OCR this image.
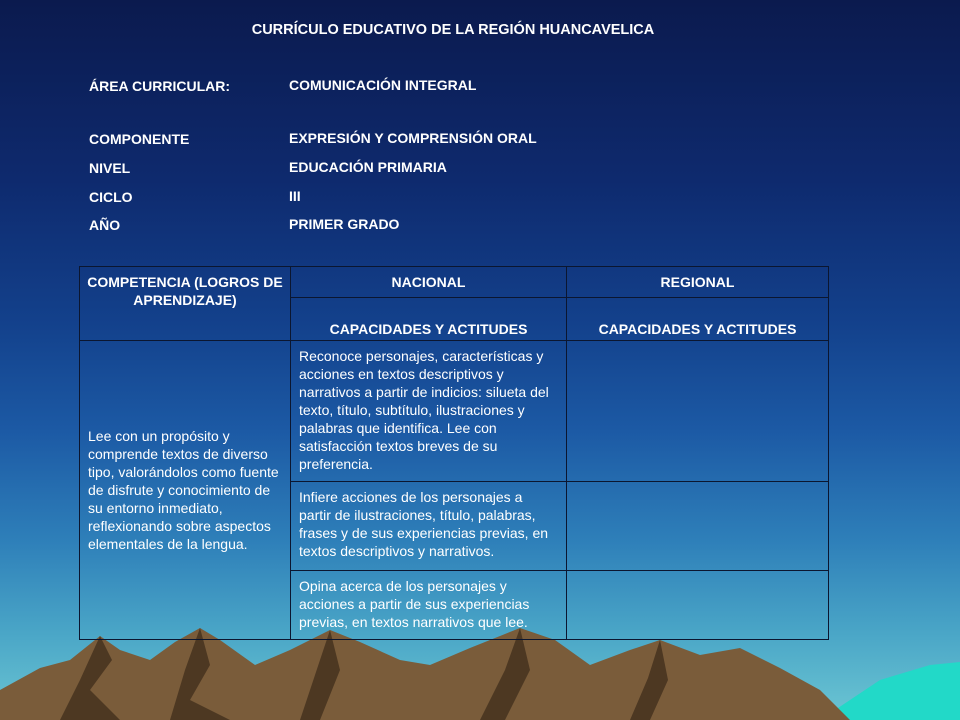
CURRÍCULO EDUCATIVO DE LA REGIÓN HUANCAVELICA
ÁREA CURRICULAR:	COMUNICACIÓN INTEGRAL
COMPONENTE	EXPRESIÓN Y COMPRENSIÓN ORAL
NIVEL	EDUCACIÓN PRIMARIA
CICLO	III
AÑO	PRIMER GRADO
COMPETENCIA (LOGROS DE APRENDIZAJE)	NACIONAL	REGIONAL
	CAPACIDADES Y ACTITUDES	CAPACIDADES Y ACTITUDES
Lee con un propósito y comprende textos de diverso tipo, valorándolos como fuente de disfrute y conocimiento de su entorno inmediato, reflexionando sobre aspectos elementales de la lengua.	Reconoce personajes, características y acciones en textos descriptivos y narrativos a partir de indicios: silueta del texto, título, subtítulo, ilustraciones y palabras que identifica. Lee con satisfacción textos breves de su preferencia.	
	Infiere acciones de los personajes a partir de ilustraciones, título, palabras, frases y de sus experiencias previas, en textos descriptivos y narrativos.	
	Opina acerca de los personajes y acciones a partir de sus experiencias previas, en textos narrativos que lee.	
